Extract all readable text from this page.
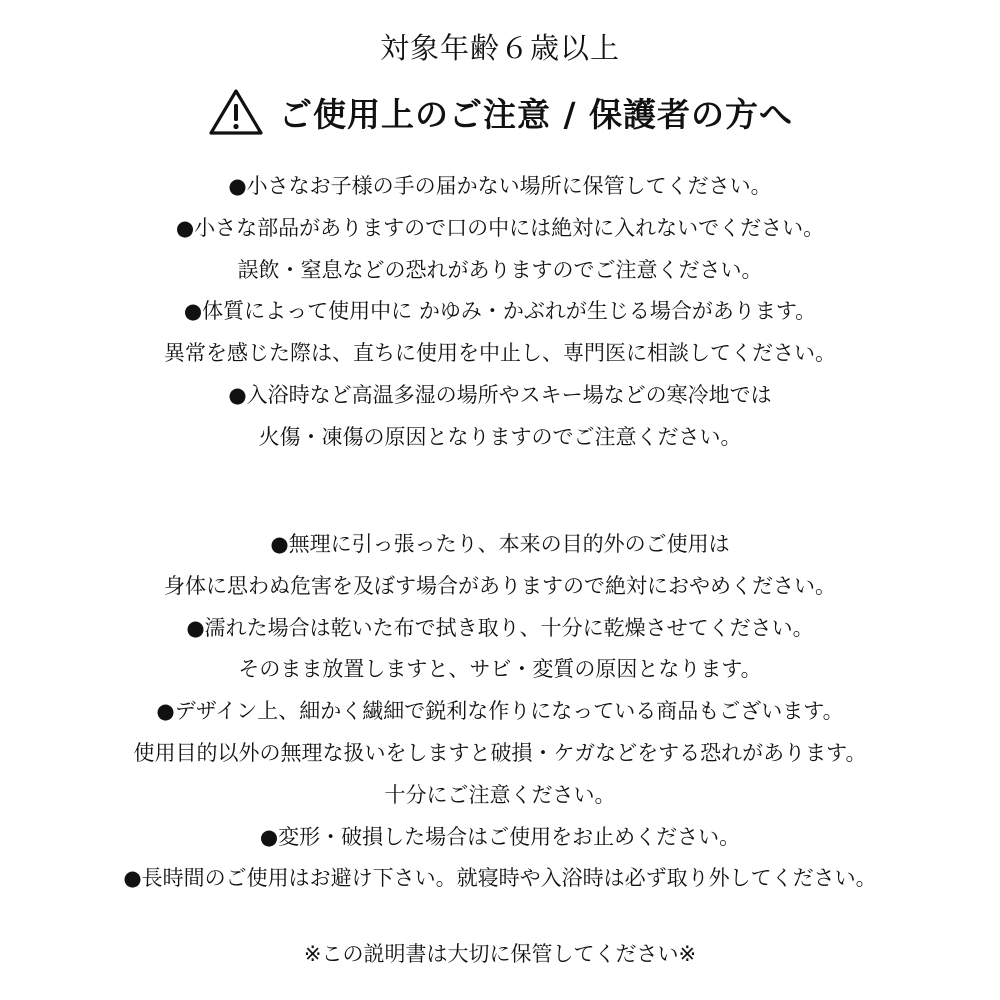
対象年齢６歳以上
ご使用上のご注意 / 保護者の方へ
●小さなお子様の手の届かない場所に保管してください。
●小さな部品がありますので口の中には絶対に入れないでください。
誤飲・窒息などの恐れがありますのでご注意ください。
●体質によって使用中に かゆみ・かぶれが生じる場合があります。
異常を感じた際は、直ちに使用を中止し、専門医に相談してください。
●入浴時など高温多湿の場所やスキー場などの寒冷地では
火傷・凍傷の原因となりますのでご注意ください。
●無理に引っ張ったり、本来の目的外のご使用は
身体に思わぬ危害を及ぼす場合がありますので絶対におやめください。
●濡れた場合は乾いた布で拭き取り、十分に乾燥させてください。
そのまま放置しますと、サビ・変質の原因となります。
●デザイン上、細かく繊細で鋭利な作りになっている商品もございます。
使用目的以外の無理な扱いをしますと破損・ケガなどをする恐れがあります。
十分にご注意ください。
●変形・破損した場合はご使用をお止めください。
●長時間のご使用はお避け下さい。就寝時や入浴時は必ず取り外してください。
※この説明書は大切に保管してください※
